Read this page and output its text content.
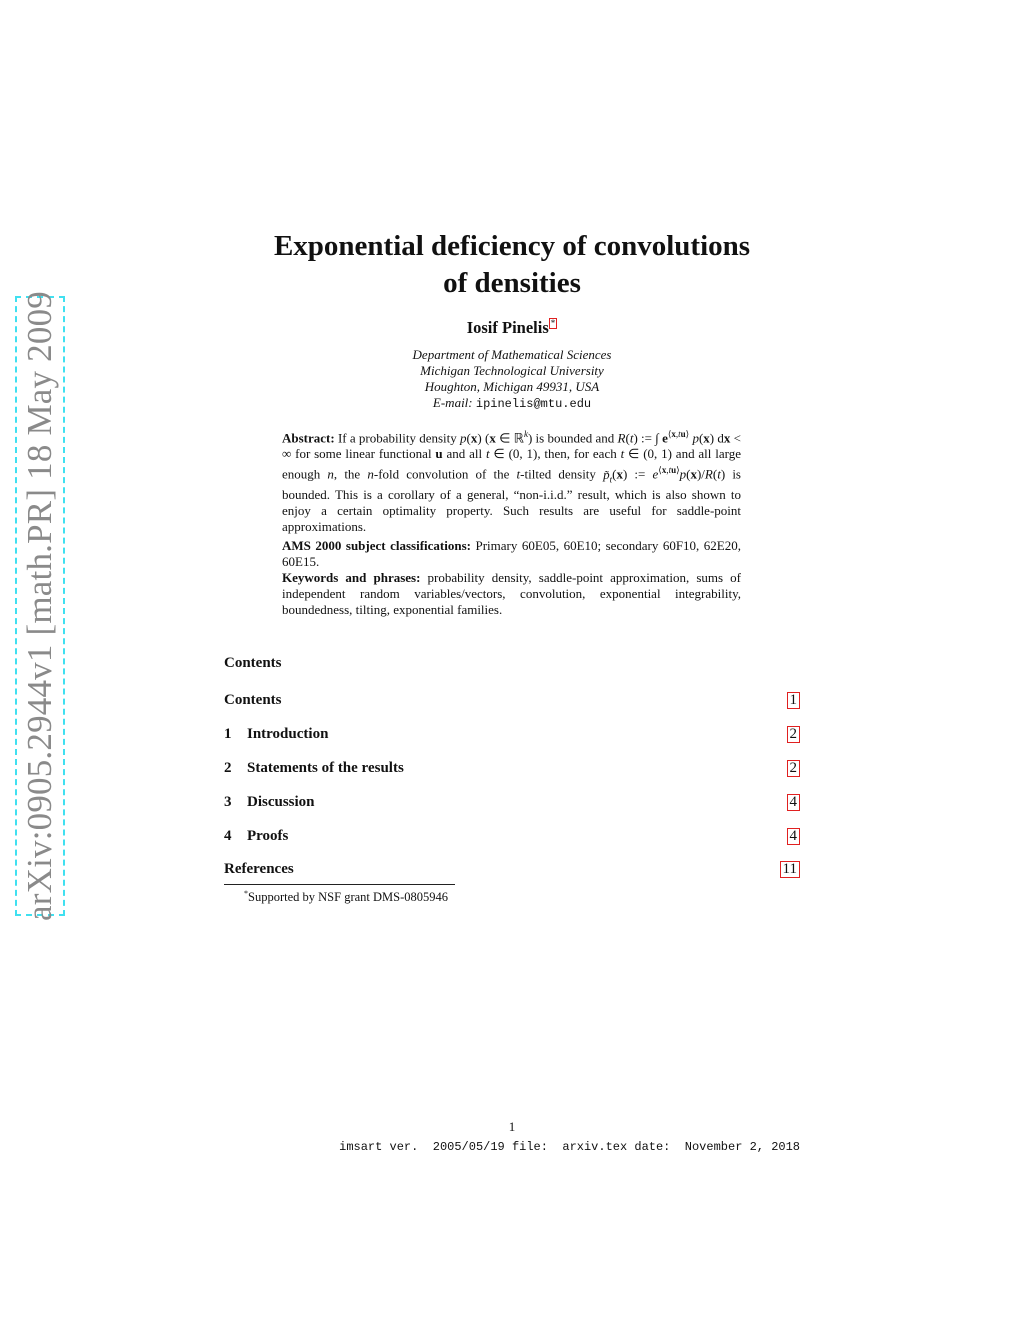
arXiv:0905.2944v1 [math.PR] 18 May 2009
Exponential deficiency of convolutions
of densities
Iosif Pinelis *
Department of Mathematical Sciences
Michigan Technological University
Houghton, Michigan 49931, USA
E-mail: ipinelis@mtu.edu
Abstract: If a probability density p(x) (x ∈ ℝ$^k$) is bounded and R(t) := ∫ $e^{⟨x,tu⟩}$ p(x) dx < ∞ for some linear functional u and all t ∈ (0, 1), then, for each t ∈ (0, 1) and all large enough n, the n-fold convolution of the t-tilted density $p̃_t(x)$ := $e^{⟨x,tu⟩}p(x)/R(t)$ is bounded. This is a corollary of a general, “non-i.i.d.” result, which is also shown to enjoy a certain optimality property. Such results are useful for saddle-point approximations.
AMS 2000 subject classifications: Primary 60E05, 60E10; secondary 60F10, 62E20, 60E15.
Keywords and phrases: probability density, saddle-point approximation, sums of independent random variables/vectors, convolution, exponential integrability, boundedness, tilting, exponential families.
Contents
Contents	1
1 Introduction	2
2 Statements of the results	2
3 Discussion	4
4 Proofs	4
References	11
*Supported by NSF grant DMS-0805946
1
imsart ver.  2005/05/19 file:  arxiv.tex date:  November 2, 2018
